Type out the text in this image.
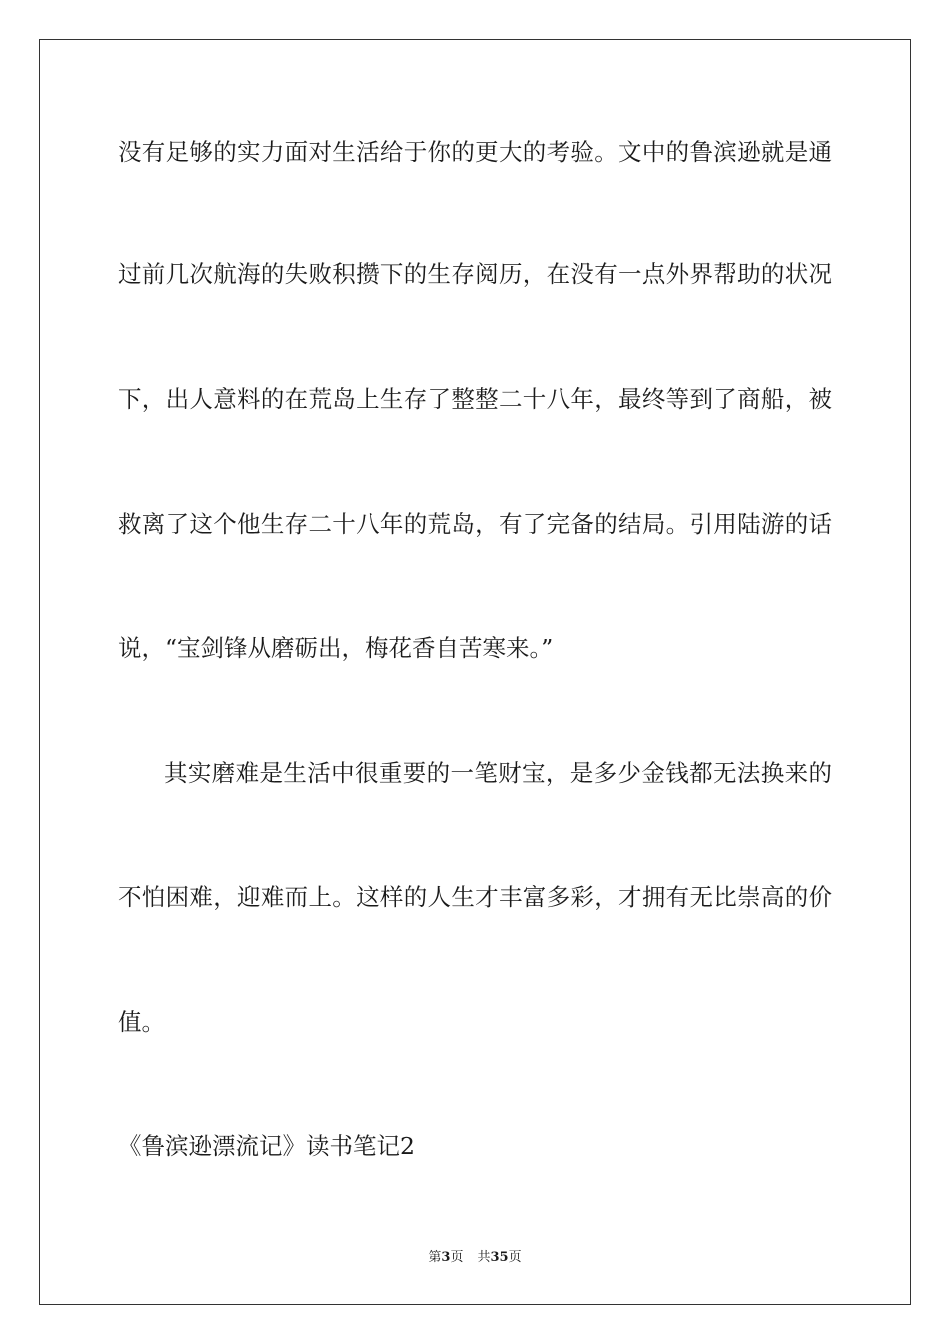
没有足够的实力面对生活给于你的更大的考验。文中的鲁滨逊就是通
过前几次航海的失败积攒下的生存阅历，在没有一点外界帮助的状况
下，出人意料的在荒岛上生存了整整二十八年，最终等到了商船，被
救离了这个他生存二十八年的荒岛，有了完备的结局。引用陆游的话
说，“宝剑锋从磨砺出，梅花香自苦寒来。”
其实磨难是生活中很重要的一笔财宝，是多少金钱都无法换来的
不怕困难，迎难而上。这样的人生才丰富多彩，才拥有无比崇高的价
值。
《鲁滨逊漂流记》读书笔记2
第3页 共35页
